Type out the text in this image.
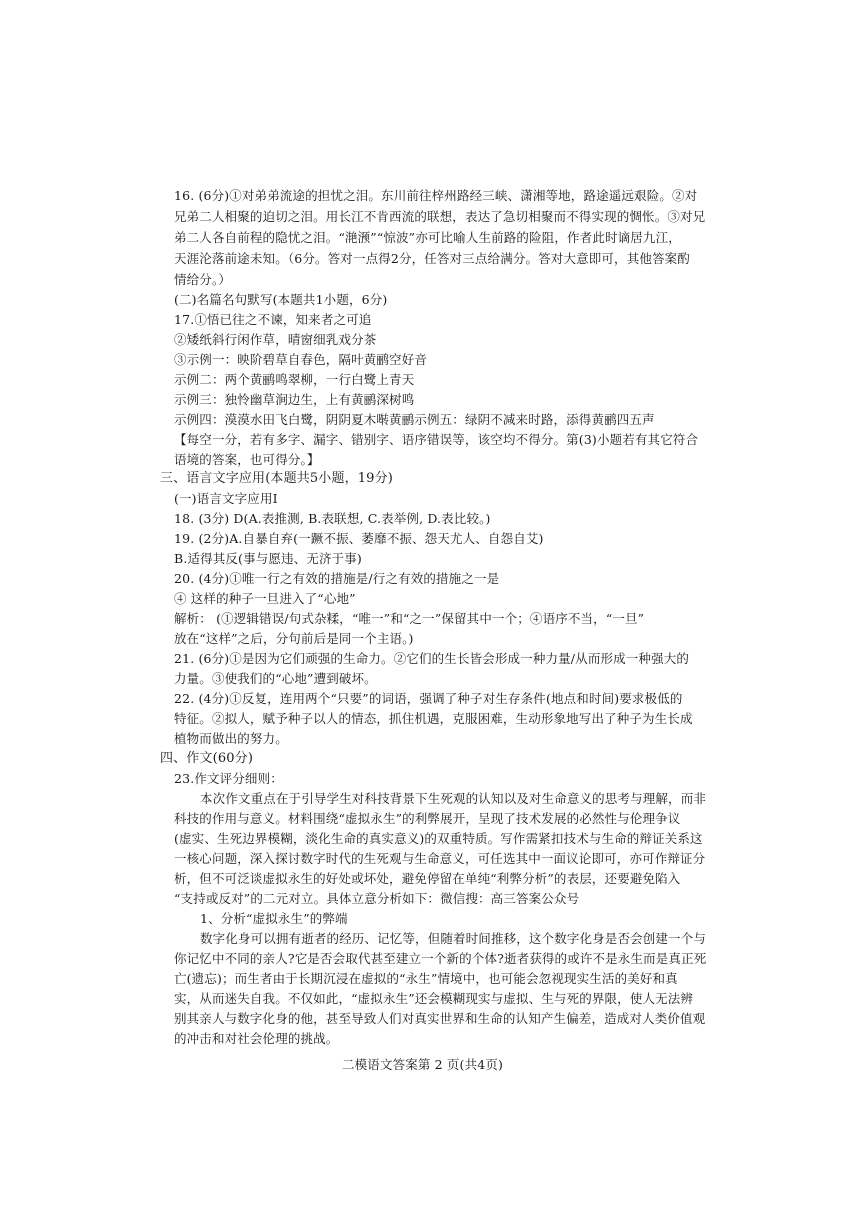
16. (6分)①对弟弟流途的担忧之泪。东川前往梓州路经三峡、潇湘等地，路途遥远艰险。②对
兄弟二人相聚的迫切之泪。用长江不肯西流的联想，表达了急切相聚而不得实现的惆怅。③对兄
弟二人各自前程的隐忧之泪。“滟滪”“惊波”亦可比喻人生前路的险阻，作者此时谪居九江，
天涯沦落前途未知。（6分。答对一点得2分，任答对三点给满分。答对大意即可，其他答案酌
情给分。）
(二)名篇名句默写(本题共1小题，6分)
17.①悟已往之不谏，知来者之可追
②矮纸斜行闲作草，晴窗细乳戏分茶
③示例一：映阶碧草自春色，隔叶黄鹂空好音
示例二：两个黄鹂鸣翠柳，一行白鹭上青天
示例三：独怜幽草涧边生，上有黄鹂深树鸣
示例四：漠漠水田飞白鹭，阴阴夏木啭黄鹂示例五：绿阴不减来时路，添得黄鹂四五声
【每空一分，若有多字、漏字、错别字、语序错误等，该空均不得分。第(3)小题若有其它符合
语境的答案，也可得分。】
三、语言文字应用(本题共5小题，19分)
(一)语言文字应用Ⅰ
18. (3分) D(A.表推测, B.表联想, C.表举例, D.表比较。)
19. (2分)A.自暴自弃(一蹶不振、萎靡不振、怨天尤人、自怨自艾)
B.适得其反(事与愿违、无济于事)
20. (4分)①唯一行之有效的措施是/行之有效的措施之一是
④ 这样的种子一旦进入了“心地”
解析： (①逻辑错误/句式杂糅，“唯一”和“之一”保留其中一个；④语序不当，“一旦”
放在“这样”之后，分句前后是同一个主语。)
21. (6分)①是因为它们顽强的生命力。②它们的生长皆会形成一种力量/从而形成一种强大的
力量。③使我们的“心地”遭到破坏。
22. (4分)①反复，连用两个“只要”的词语，强调了种子对生存条件(地点和时间)要求极低的
特征。②拟人，赋予种子以人的情态，抓住机遇，克服困难，生动形象地写出了种子为生长成
植物而做出的努力。
四、作文(60分)
23.作文评分细则：
本次作文重点在于引导学生对科技背景下生死观的认知以及对生命意义的思考与理解，而非
科技的作用与意义。材料围绕“虚拟永生”的利弊展开，呈现了技术发展的必然性与伦理争议
(虚实、生死边界模糊，淡化生命的真实意义)的双重特质。写作需紧扣技术与生命的辩证关系这
一核心问题，深入探讨数字时代的生死观与生命意义，可任选其中一面议论即可，亦可作辩证分
析，但不可泛谈虚拟永生的好处或坏处，避免停留在单纯“利弊分析”的表层，还要避免陷入
“支持或反对”的二元对立。具体立意分析如下：微信搜：高三答案公众号
1、分析“虚拟永生”的弊端
数字化身可以拥有逝者的经历、记忆等，但随着时间推移，这个数字化身是否会创建一个与
你记忆中不同的亲人?它是否会取代甚至建立一个新的个体?逝者获得的或许不是永生而是真正死
亡(遗忘)；而生者由于长期沉浸在虚拟的“永生”情境中，也可能会忽视现实生活的美好和真
实，从而迷失自我。不仅如此，“虚拟永生”还会模糊现实与虚拟、生与死的界限，使人无法辨
别其亲人与数字化身的他，甚至导致人们对真实世界和生命的认知产生偏差，造成对人类价值观
的冲击和对社会伦理的挑战。
二模语文答案第 2 页(共4页)
